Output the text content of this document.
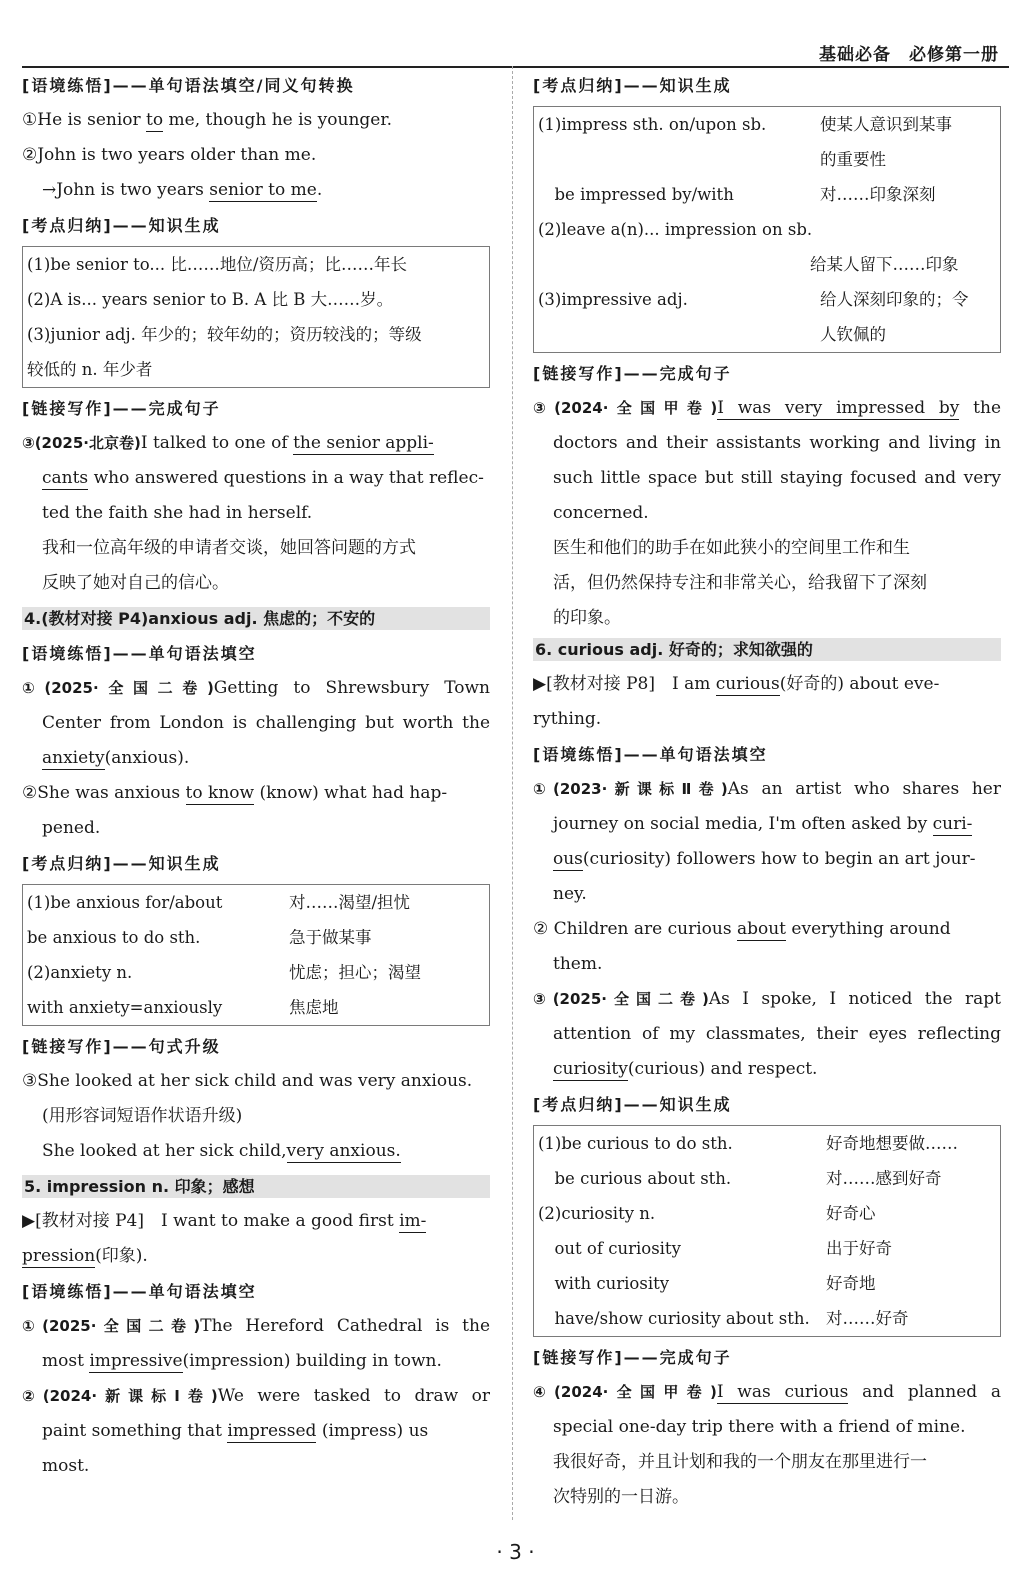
基础必备　必修第一册
[语境练悟]——单句语法填空/同义句转换
①He is senior to me, though he is younger.
②John is two years older than me.
→John is two years senior to me.
[考点归纳]——知识生成
(1)be senior to... 比……地位/资历高；比……年长
(2)A is... years senior to B. A 比 B 大……岁。
(3)junior adj. 年少的；较年幼的；资历较浅的；等级
较低的 n. 年少者
[链接写作]——完成句子
③(2025·北京卷)I talked to one of the senior appli-
cants who answered questions in a way that reflec-
ted the faith she had in herself.
我和一位高年级的申请者交谈，她回答问题的方式
反映了她对自己的信心。
4.(教材对接 P4)anxious adj. 焦虑的；不安的
[语境练悟]——单句语法填空
①(2025·全国二卷)Getting to Shrewsbury Town
Center from London is challenging but worth the
anxiety(anxious).
②She was anxious to know (know) what had hap-
pened.
[考点归纳]——知识生成
(1)be anxious for/about	对……渴望/担忧
be anxious to do sth.	急于做某事
(2)anxiety n.	忧虑；担心；渴望
with anxiety=anxiously	焦虑地
[链接写作]——句式升级
③She looked at her sick child and was very anxious.
(用形容词短语作状语升级)
She looked at her sick child,very anxious.
5. impression n. 印象；感想
▶[教材对接 P4]　I want to make a good first im-
pression(印象).
[语境练悟]——单句语法填空
①(2025·全国二卷)The Hereford Cathedral is the
most impressive(impression) building in town.
②(2024·新课标Ⅰ卷)We were tasked to draw or
paint something that impressed (impress) us
most.
[考点归纳]——知识生成
(1)impress sth. on/upon sb.	使某人意识到某事
的重要性
　be impressed by/with	对……印象深刻
(2)leave a(n)... impression on sb.
给某人留下……印象
(3)impressive adj.	给人深刻印象的；令
人钦佩的
[链接写作]——完成句子
③(2024·全国甲卷)I was very impressed by the
doctors and their assistants working and living in
such little space but still staying focused and very
concerned.
医生和他们的助手在如此狭小的空间里工作和生
活，但仍然保持专注和非常关心，给我留下了深刻
的印象。
6. curious adj. 好奇的；求知欲强的
▶[教材对接 P8]　I am curious(好奇的) about eve-
rything.
[语境练悟]——单句语法填空
①(2023·新课标Ⅱ卷)As an artist who shares her
journey on social media, I'm often asked by curi-
ous(curiosity) followers how to begin an art jour-
ney.
② Children are curious about everything around
them.
③(2025·全国二卷)As I spoke, I noticed the rapt
attention of my classmates, their eyes reflecting
curiosity(curious) and respect.
[考点归纳]——知识生成
(1)be curious to do sth.	好奇地想要做……
　be curious about sth.	对……感到好奇
(2)curiosity n.	好奇心
　out of curiosity	出于好奇
　with curiosity	好奇地
　have/show curiosity about sth. 对……好奇
[链接写作]——完成句子
④(2024·全国甲卷)I was curious and planned a
special one-day trip there with a friend of mine.
我很好奇，并且计划和我的一个朋友在那里进行一
次特别的一日游。
· 3 ·
